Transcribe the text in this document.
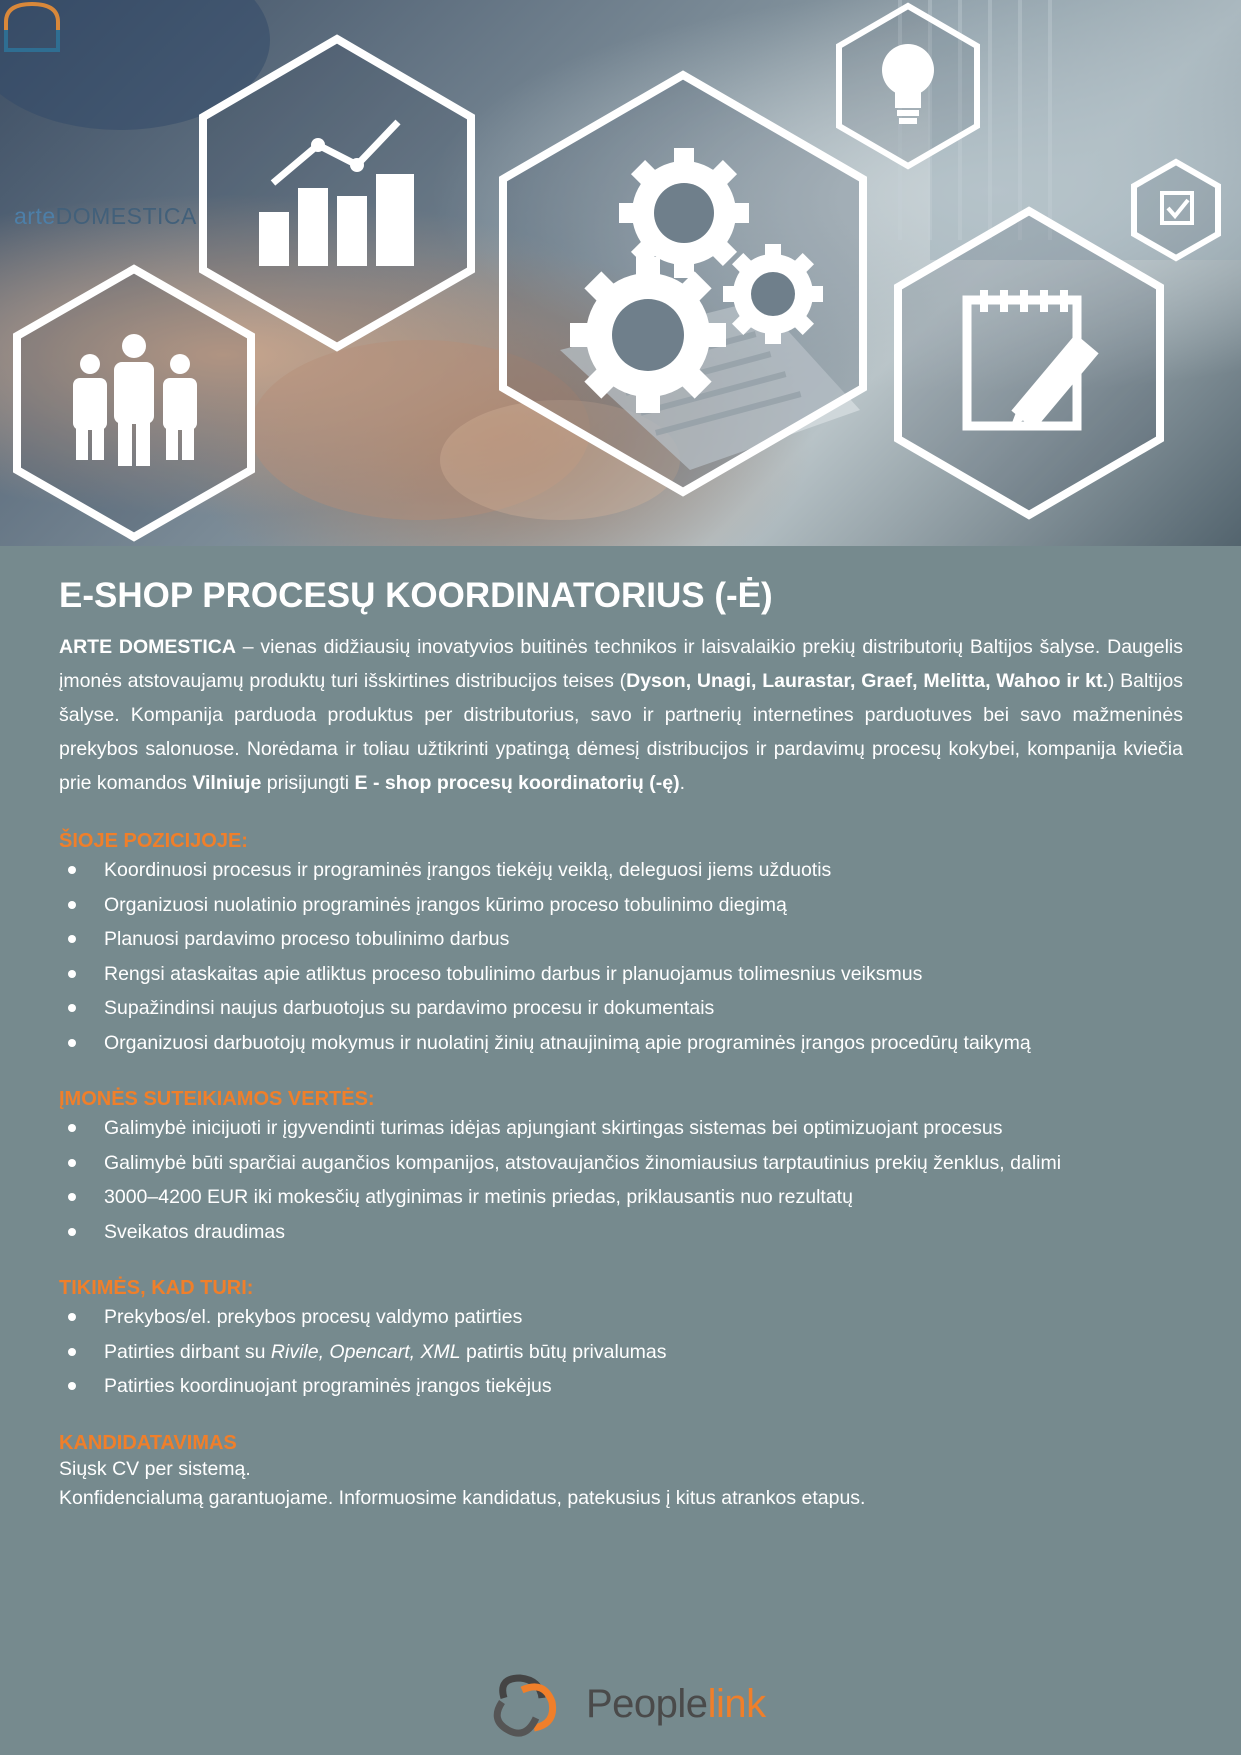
arteDOMESTICA
E-SHOP PROCESŲ KOORDINATORIUS (-Ė)

ARTE DOMESTICA – vienas didžiausių inovatyvios buitinės technikos ir laisvalaikio prekių distributorių Baltijos šalyse. Daugelis įmonės atstovaujamų produktų turi išskirtines distribucijos teises (Dyson, Unagi, Laurastar, Graef, Melitta, Wahoo ir kt.) Baltijos šalyse. Kompanija parduoda produktus per distributorius, savo ir partnerių internetines parduotuves bei savo mažmeninės prekybos salonuose. Norėdama ir toliau užtikrinti ypatingą dėmesį distribucijos ir pardavimų procesų kokybei, kompanija kviečia prie komandos Vilniuje prisijungti E - shop procesų koordinatorių (-ę).

ŠIOJE POZICIJOJE:

Koordinuosi procesus ir programinės įrangos tiekėjų veiklą, deleguosi jiems užduotis
Organizuosi nuolatinio programinės įrangos kūrimo proceso tobulinimo diegimą
Planuosi pardavimo proceso tobulinimo darbus
Rengsi ataskaitas apie atliktus proceso tobulinimo darbus ir planuojamus tolimesnius veiksmus
Supažindinsi naujus darbuotojus su pardavimo procesu ir dokumentais
Organizuosi darbuotojų mokymus ir nuolatinį žinių atnaujinimą apie programinės įrangos procedūrų taikymą

ĮMONĖS SUTEIKIAMOS VERTĖS:

Galimybė inicijuoti ir įgyvendinti turimas idėjas apjungiant skirtingas sistemas bei optimizuojant procesus
Galimybė būti sparčiai augančios kompanijos, atstovaujančios žinomiausius tarptautinius prekių ženklus, dalimi
3000–4200 EUR iki mokesčių atlyginimas ir metinis priedas, priklausantis nuo rezultatų
Sveikatos draudimas

TIKIMĖS, KAD TURI:

Prekybos/el. prekybos procesų valdymo patirties
Patirties dirbant su Rivile, Opencart, XML patirtis būtų privalumas
Patirties koordinuojant programinės įrangos tiekėjus

KANDIDATAVIMAS

Siųsk CV per sistemą.

Konfidencialumą garantuojame. Informuosime kandidatus, patekusius į kitus atrankos etapus.

Peoplelink
